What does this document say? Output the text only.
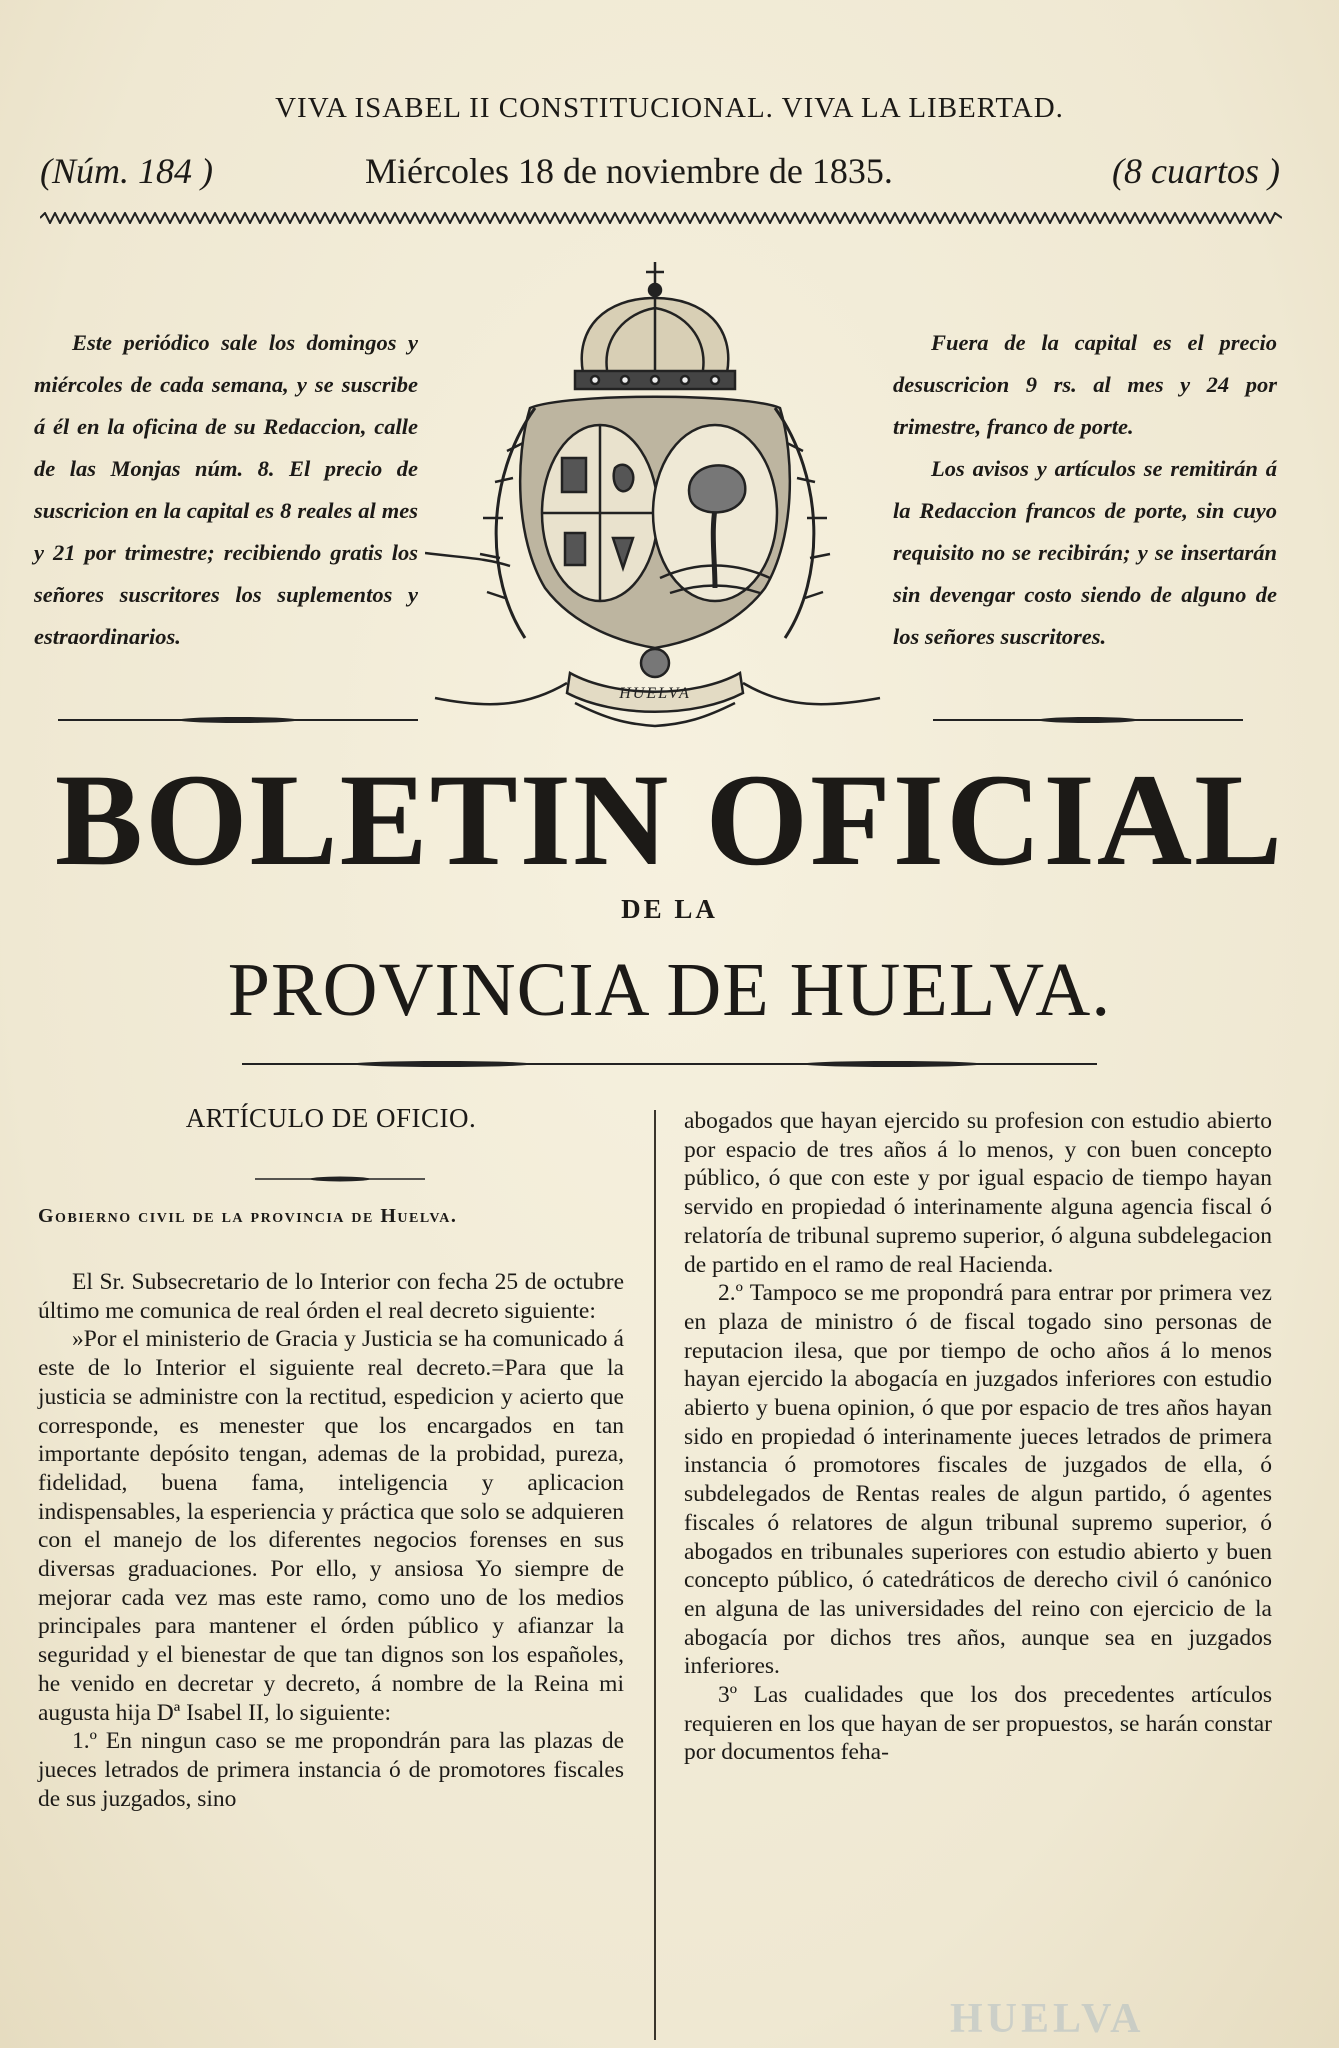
VIVA ISABEL II CONSTITUCIONAL. VIVA LA LIBERTAD.
(Núm. 184 )	Miércoles 18 de noviembre de 1835.	(8 cuartos )

Este periódico sale los domingos y miércoles de cada semana, y se suscribe á él en la oficina de su Redaccion, calle de las Monjas núm. 8. El precio de suscricion en la capital es 8 reales al mes y 21 por trimestre; recibiendo gratis los señores suscritores los suplementos y estraordinarios.

Fuera de la capital es el precio desuscricion 9 rs. al mes y 24 por trimestre, franco de porte.

Los avisos y artículos se remitirán á la Redaccion francos de porte, sin cuyo requisito no se recibirán; y se insertarán sin devengar costo siendo de alguno de los señores suscritores.

HUELVA
BOLETIN OFICIAL
DE LA
PROVINCIA DE HUELVA.
ARTÍCULO DE OFICIO.
Gobierno civil de la provincia de Huelva.

El Sr. Subsecretario de lo Interior con fecha 25 de octubre último me comunica de real órden el real decreto siguiente:

»Por el ministerio de Gracia y Justicia se ha comunicado á este de lo Interior el siguiente real decreto.=Para que la justicia se administre con la rectitud, espedicion y acierto que corresponde, es menester que los encargados en tan importante depósito tengan, ademas de la probidad, pureza, fidelidad, buena fama, inteligencia y aplicacion indispensables, la esperiencia y práctica que solo se adquieren con el manejo de los diferentes negocios forenses en sus diversas graduaciones. Por ello, y ansiosa Yo siempre de mejorar cada vez mas este ramo, como uno de los medios principales para mantener el órden público y afianzar la seguridad y el bienestar de que tan dignos son los españoles, he venido en decretar y decreto, á nombre de la Reina mi augusta hija Dª Isabel II, lo siguiente:

1.º En ningun caso se me propondrán para las plazas de jueces letrados de primera instancia ó de promotores fiscales de sus juzgados, sino

abogados que hayan ejercido su profesion con estudio abierto por espacio de tres años á lo menos, y con buen concepto público, ó que con este y por igual espacio de tiempo hayan servido en propiedad ó interinamente alguna agencia fiscal ó relatoría de tribunal supremo superior, ó alguna subdelegacion de partido en el ramo de real Hacienda.

2.º Tampoco se me propondrá para entrar por primera vez en plaza de ministro ó de fiscal togado sino personas de reputacion ilesa, que por tiempo de ocho años á lo menos hayan ejercido la abogacía en juzgados inferiores con estudio abierto y buena opinion, ó que por espacio de tres años hayan sido en propiedad ó interinamente jueces letrados de primera instancia ó promotores fiscales de juzgados de ella, ó subdelegados de Rentas reales de algun partido, ó agentes fiscales ó relatores de algun tribunal supremo superior, ó abogados en tribunales superiores con estudio abierto y buen concepto público, ó catedráticos de derecho civil ó canónico en alguna de las universidades del reino con ejercicio de la abogacía por dichos tres años, aunque sea en juzgados inferiores.

3º Las cualidades que los dos precedentes artículos requieren en los que hayan de ser propuestos, se harán constar por documentos feha-

HUELVA
